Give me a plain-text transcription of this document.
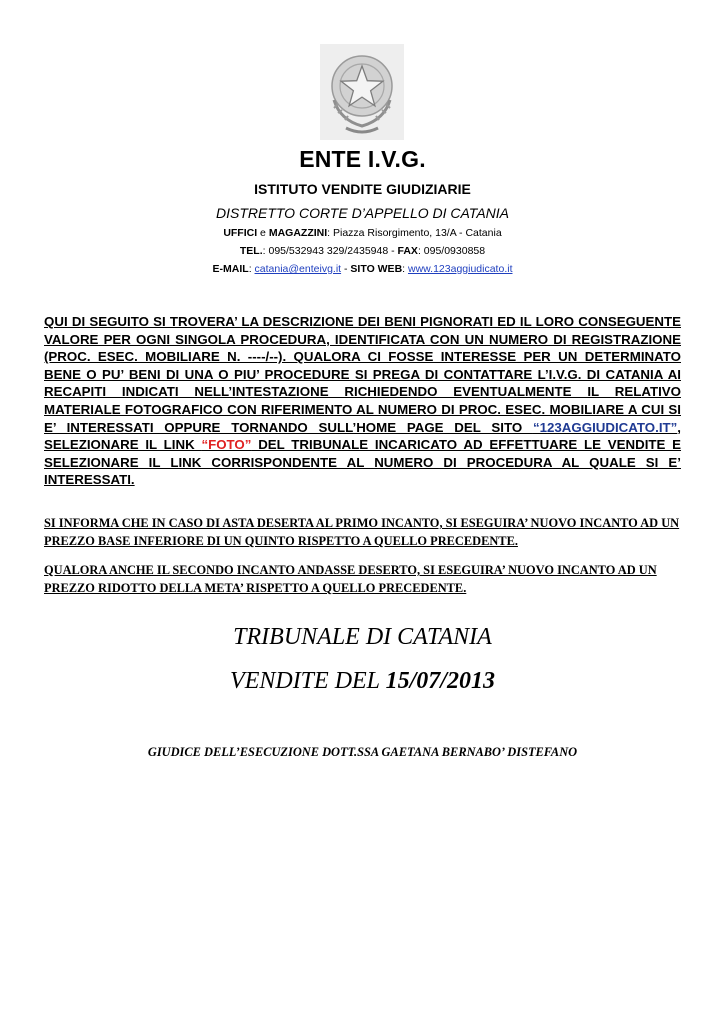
ENTE I.V.G.
ISTITUTO VENDITE GIUDIZIARIE
DISTRETTO CORTE D’APPELLO DI CATANIA
UFFICI e MAGAZZINI: Piazza Risorgimento, 13/A - Catania
TEL.: 095/532943 329/2435948 - FAX: 095/0930858
E-MAIL: catania@enteivg.it - SITO WEB: www.123aggiudicato.it
QUI DI SEGUITO SI TROVERA’ LA DESCRIZIONE DEI BENI PIGNORATI ED IL LORO CONSEGUENTE VALORE PER OGNI SINGOLA PROCEDURA, IDENTIFICATA CON UN NUMERO DI REGISTRAZIONE (PROC. ESEC. MOBILIARE N. ----/--). QUALORA CI FOSSE INTERESSE PER UN DETERMINATO BENE O PU’ BENI DI UNA O PIU’ PROCEDURE SI PREGA DI CONTATTARE L’I.V.G. DI CATANIA AI RECAPITI INDICATI NELL’INTESTAZIONE RICHIEDENDO EVENTUALMENTE IL RELATIVO MATERIALE FOTOGRAFICO CON RIFERIMENTO AL NUMERO DI PROC. ESEC. MOBILIARE A CUI SI E’ INTERESSATI OPPURE TORNANDO SULL’HOME PAGE DEL SITO “123AGGIUDICATO.IT”, SELEZIONARE IL LINK “FOTO” DEL TRIBUNALE INCARICATO AD EFFETTUARE LE VENDITE E SELEZIONARE IL LINK CORRISPONDENTE AL NUMERO DI PROCEDURA AL QUALE SI E’ INTERESSATI.
SI INFORMA CHE IN CASO DI ASTA DESERTA AL PRIMO INCANTO, SI ESEGUIRA’ NUOVO INCANTO AD UN PREZZO BASE INFERIORE DI UN QUINTO RISPETTO A QUELLO PRECEDENTE.
QUALORA ANCHE IL SECONDO INCANTO ANDASSE DESERTO, SI ESEGUIRA’ NUOVO INCANTO AD UN PREZZO RIDOTTO DELLA META’ RISPETTO A QUELLO PRECEDENTE.
TRIBUNALE DI CATANIA
VENDITE DEL 15/07/2013
GIUDICE DELL’ESECUZIONE DOTT.SSA GAETANA BERNABO’ DISTEFANO
